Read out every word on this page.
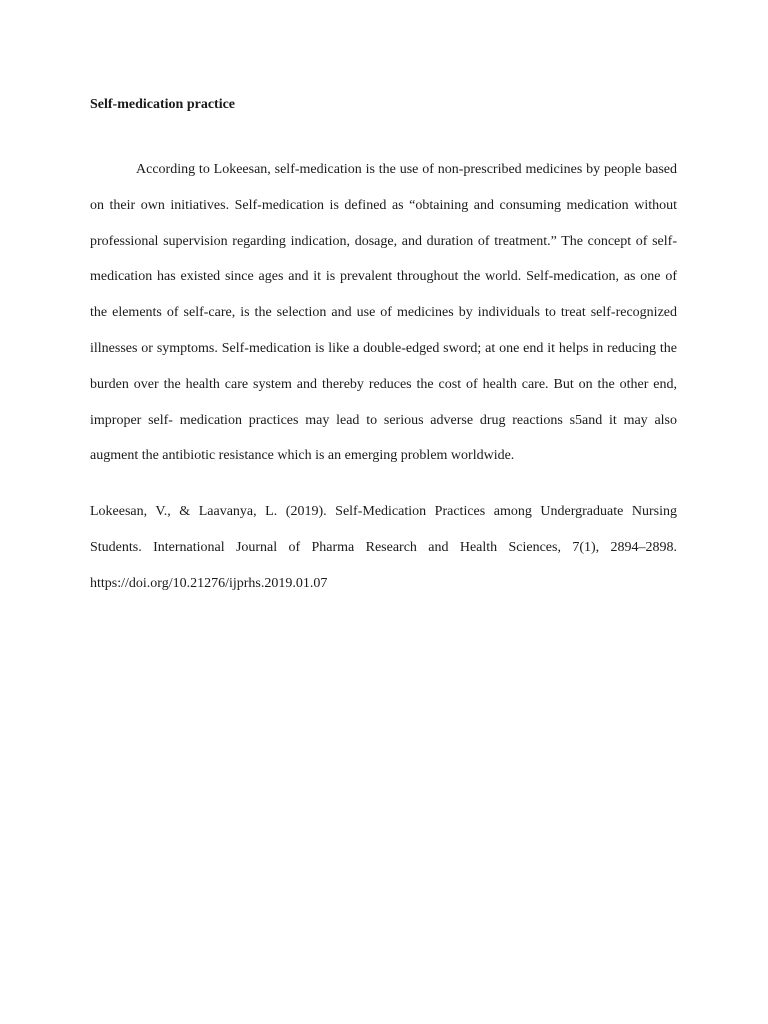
Self-medication practice

According to Lokeesan, self-medication is the use of non-prescribed medicines by people based on their own initiatives. Self-medication is defined as “obtaining and consuming medication without professional supervision regarding indication, dosage, and duration of treatment.” The concept of self-medication has existed since ages and it is prevalent throughout the world. Self-medication, as one of the elements of self-care, is the selection and use of medicines by individuals to treat self-recognized illnesses or symptoms. Self-medication is like a double-edged sword; at one end it helps in reducing the burden over the health care system and thereby reduces the cost of health care. But on the other end, improper self- medication practices may lead to serious adverse drug reactions s5and it may also augment the antibiotic resistance which is an emerging problem worldwide.

Lokeesan, V., & Laavanya, L. (2019). Self-Medication Practices among Undergraduate Nursing Students. International Journal of Pharma Research and Health Sciences, 7(1), 2894–2898. https://doi.org/10.21276/ijprhs.2019.01.07
